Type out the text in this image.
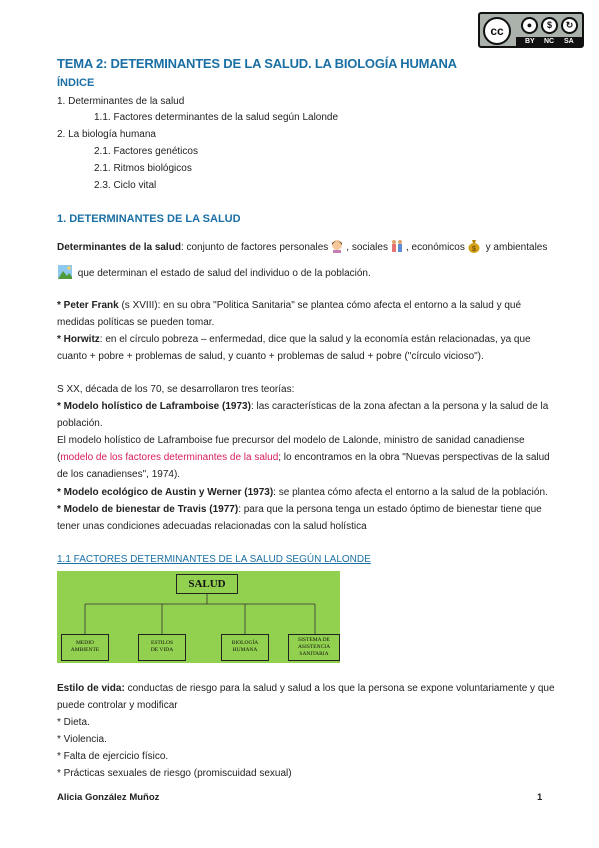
cc	●	$	↻
BY NC SA
TEMA 2: DETERMINANTES DE LA SALUD. LA BIOLOGÍA HUMANA
ÍNDICE
1. Determinantes de la salud
1.1. Factores determinantes de la salud según Lalonde
2. La biología humana
2.1. Factores genéticos
2.1. Ritmos biológicos
2.3. Ciclo vital
1. DETERMINANTES DE LA SALUD
Determinantes de la salud: conjunto de factores personales , sociales , económicos $ y ambientales
que determinan el estado de salud del individuo o de la población.
* Peter Frank (s XVIII): en su obra "Politica Sanitaria" se plantea cómo afecta el entorno a la salud y qué
medidas políticas se pueden tomar.
* Horwitz: en el círculo pobreza – enfermedad, dice que la salud y la economía están relacionadas, ya que
cuanto + pobre + problemas de salud, y cuanto + problemas de salud + pobre ("círculo vicioso").
S XX, década de los 70, se desarrollaron tres teorías:
* Modelo holístico de Laframboise (1973): las características de la zona afectan a la persona y la salud de la
población.
El modelo holístico de Laframboise fue precursor del modelo de Lalonde, ministro de sanidad canadiense
(modelo de los factores determinantes de la salud; lo encontramos en la obra "Nuevas perspectivas de la salud
de los canadienses", 1974).
* Modelo ecológico de Austin y Werner (1973): se plantea cómo afecta el entorno a la salud de la población.
* Modelo de bienestar de Travis (1977): para que la persona tenga un estado óptimo de bienestar tiene que
tener unas condiciones adecuadas relacionadas con la salud holística
1.1 FACTORES DETERMINANTES DE LA SALUD SEGÚN LALONDE
SALUD
MEDIO
AMBIENTE
ESTILOS
DE VIDA
BIOLOGÍA
HUMANA
SISTEMA DE
ASISTENCIA
SANITARIA
Estilo de vida: conductas de riesgo para la salud y salud a los que la persona se expone voluntariamente y que
puede controlar y modificar
* Dieta.
* Violencia.
* Falta de ejercicio físico.
* Prácticas sexuales de riesgo (promiscuidad sexual)
Alicia González Muñoz	1
